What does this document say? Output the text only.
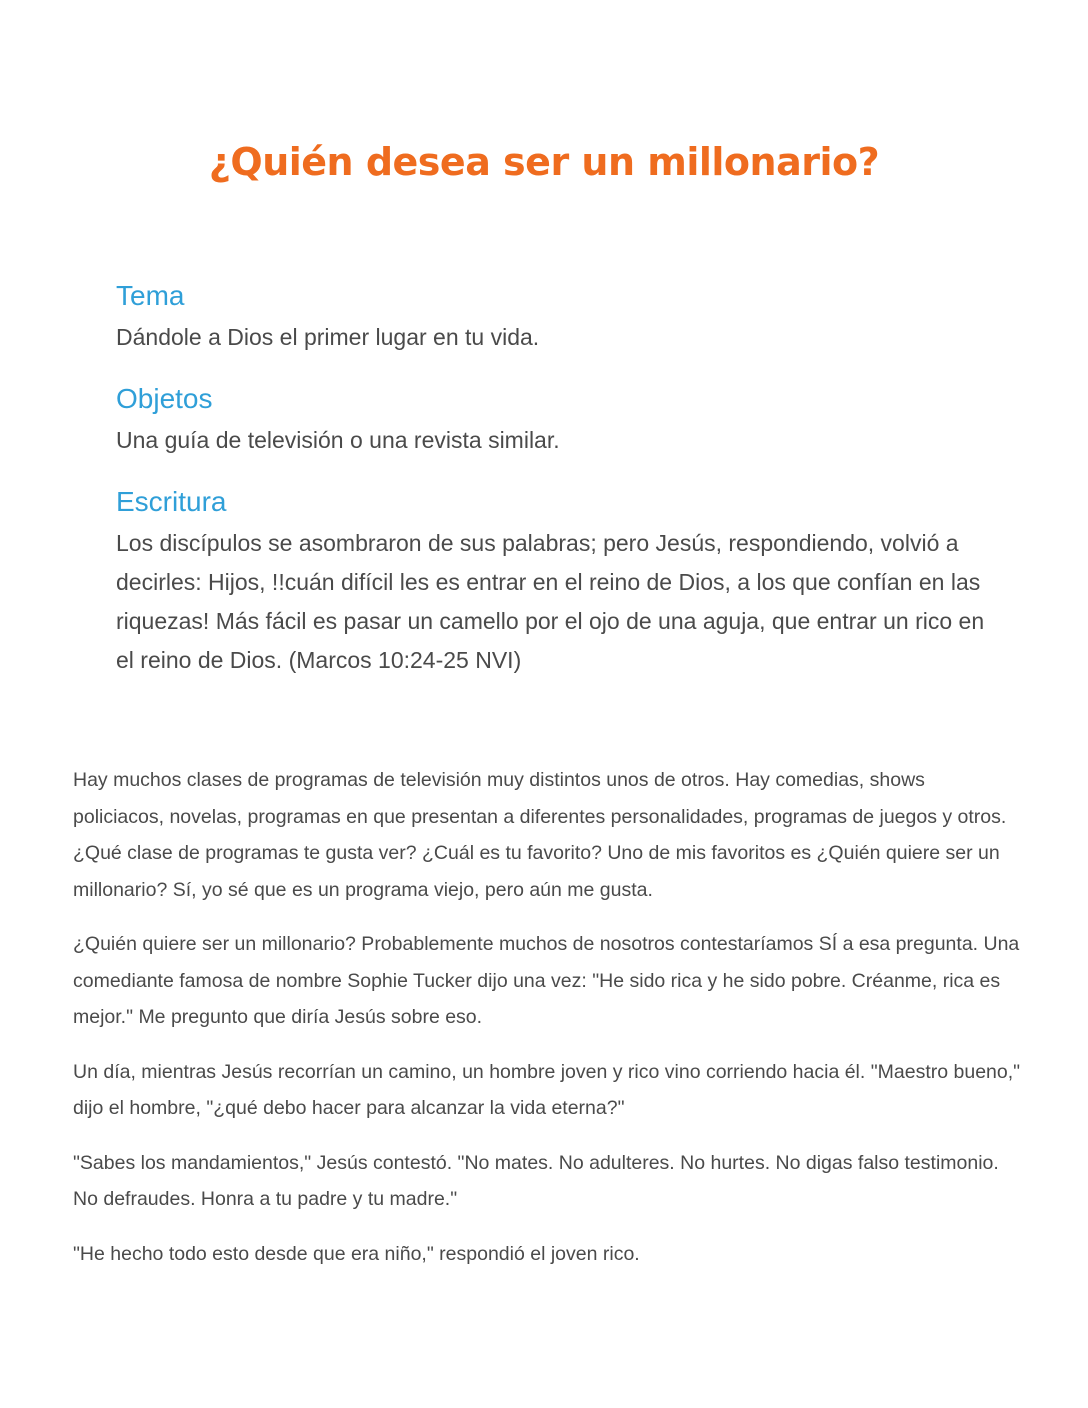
¿Quién desea ser un millonario?
Tema

Dándole a Dios el primer lugar en tu vida.

Objetos

Una guía de televisión o una revista similar.

Escritura

Los discípulos se asombraron de sus palabras; pero Jesús, respondiendo, volvió a decirles: Hijos, !!cuán difícil les es entrar en el reino de Dios, a los que confían en las riquezas! Más fácil es pasar un camello por el ojo de una aguja, que entrar un rico en el reino de Dios. (Marcos 10:24-25 NVI)

Hay muchos clases de programas de televisión muy distintos unos de otros. Hay comedias, shows policiacos, novelas, programas en que presentan a diferentes personalidades, programas de juegos y otros. ¿Qué clase de programas te gusta ver? ¿Cuál es tu favorito? Uno de mis favoritos es ¿Quién quiere ser un millonario? Sí, yo sé que es un programa viejo, pero aún me gusta.

¿Quién quiere ser un millonario? Probablemente muchos de nosotros contestaríamos SÍ a esa pregunta. Una comediante famosa de nombre Sophie Tucker dijo una vez: "He sido rica y he sido pobre. Créanme, rica es mejor." Me pregunto que diría Jesús sobre eso.

Un día, mientras Jesús recorrían un camino, un hombre joven y rico vino corriendo hacia él. "Maestro bueno," dijo el hombre, "¿qué debo hacer para alcanzar la vida eterna?"

"Sabes los mandamientos," Jesús contestó. "No mates. No adulteres. No hurtes. No digas falso testimonio. No defraudes. Honra a tu padre y tu madre."

"He hecho todo esto desde que era niño," respondió el joven rico.
